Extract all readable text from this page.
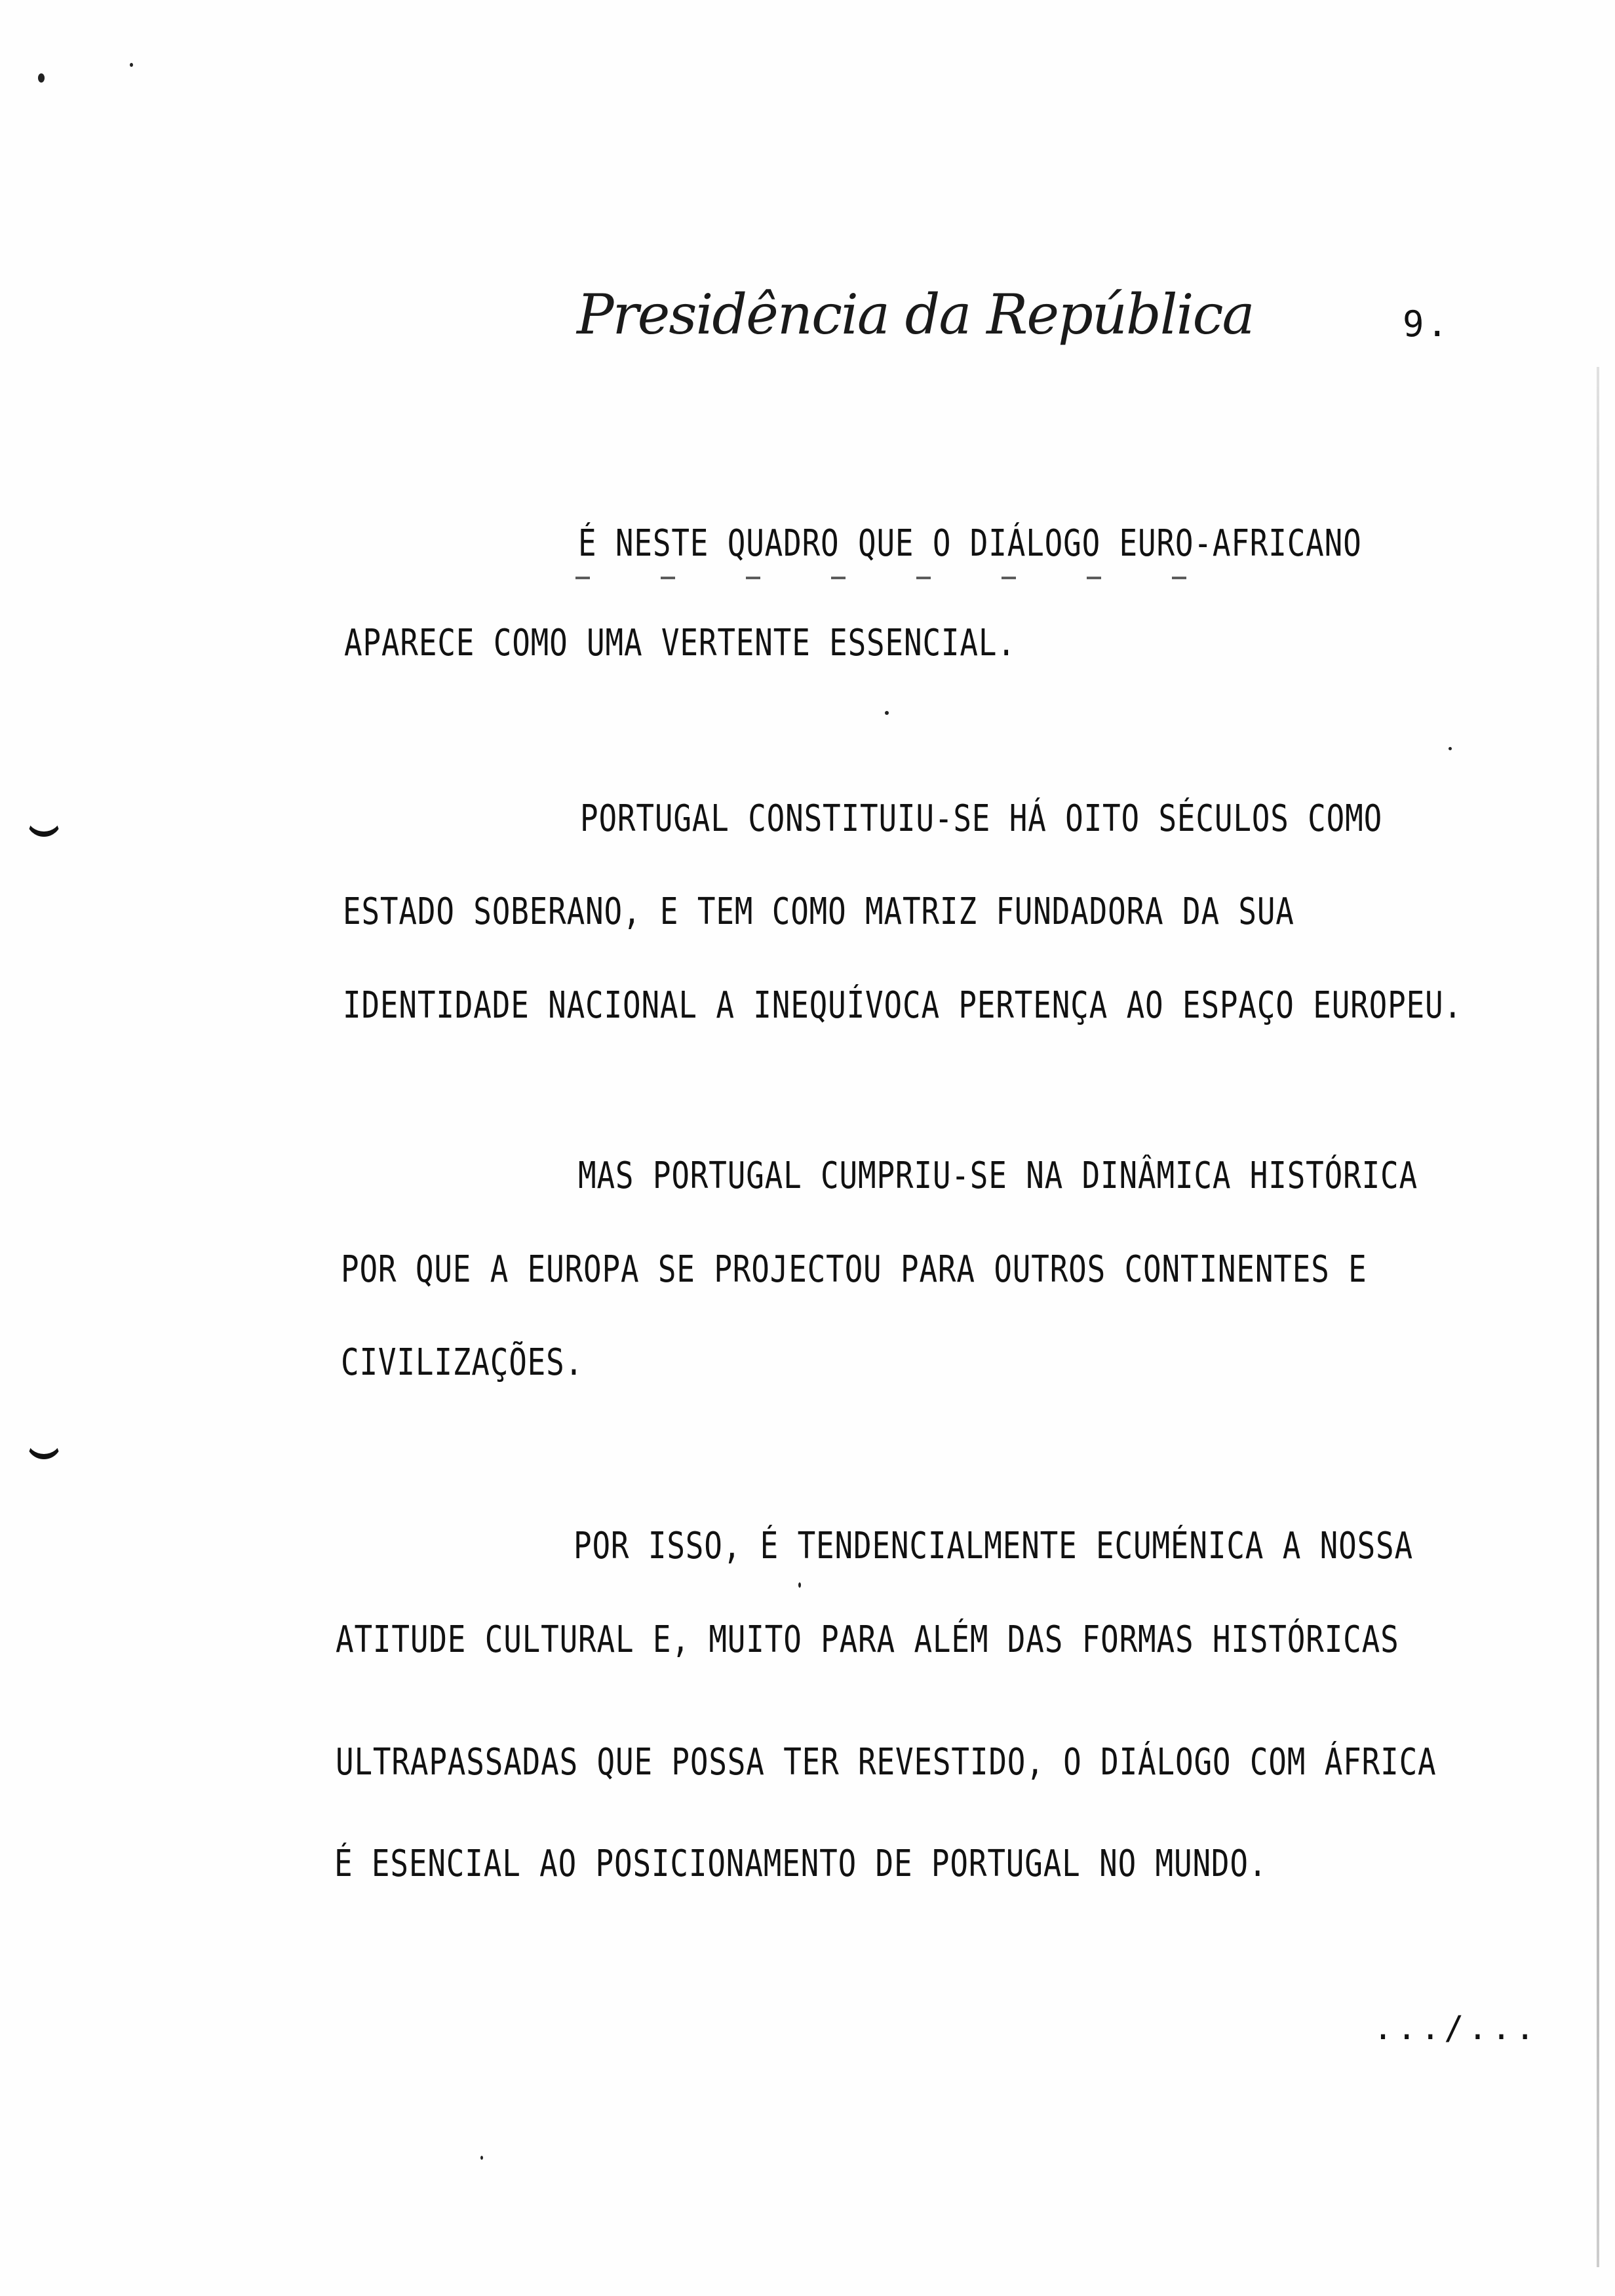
Presidência da República	9.
É NESTE QUADRO QUE O DIÁLOGO EURO-AFRICANO
APARECE COMO UMA VERTENTE ESSENCIAL.
PORTUGAL CONSTITUIU-SE HÁ OITO SÉCULOS COMO
ESTADO SOBERANO, E TEM COMO MATRIZ FUNDADORA DA SUA
IDENTIDADE NACIONAL A INEQUÍVOCA PERTENÇA AO ESPAÇO EUROPEU.
MAS PORTUGAL CUMPRIU-SE NA DINÂMICA HISTÓRICA
POR QUE A EUROPA SE PROJECTOU PARA OUTROS CONTINENTES E
CIVILIZAÇÕES.
POR ISSO, É TENDENCIALMENTE ECUMÉNICA A NOSSA
ATITUDE CULTURAL E, MUITO PARA ALÉM DAS FORMAS HISTÓRICAS
ULTRAPASSADAS QUE POSSA TER REVESTIDO, O DIÁLOGO COM ÁFRICA
É ESENCIAL AO POSICIONAMENTO DE PORTUGAL NO MUNDO.
.../...
